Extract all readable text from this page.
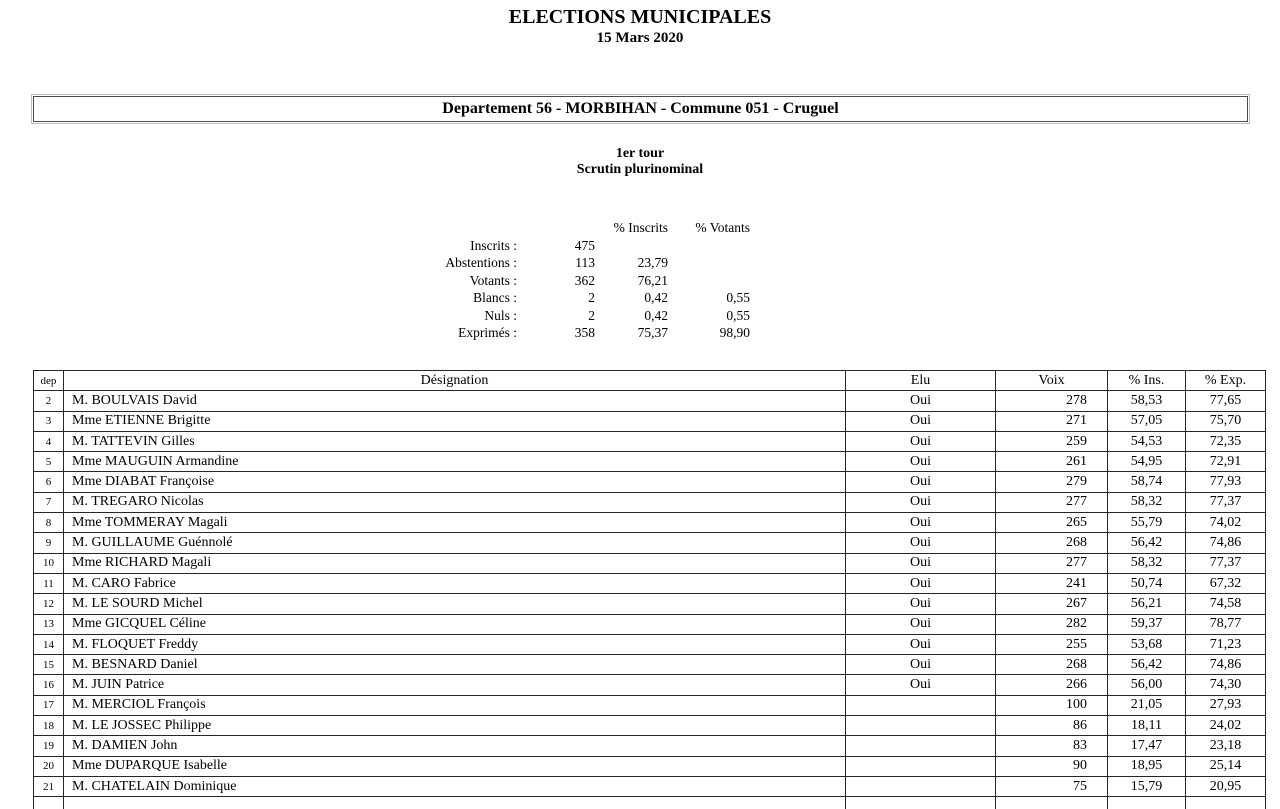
ELECTIONS MUNICIPALES
15 Mars 2020
Departement 56 - MORBIHAN - Commune 051 - Cruguel
1er tour
Scrutin plurinominal
% Inscrits	% Votants
Inscrits :	475
Abstentions :	113	23,79
Votants :	362	76,21
Blancs :	2	0,42	0,55
Nuls :	2	0,42	0,55
Exprimés :	358	75,37	98,90
dep	Désignation	Elu	Voix	% Ins.	% Exp.
2	M. BOULVAIS David	Oui	278	58,53	77,65
3	Mme ETIENNE Brigitte	Oui	271	57,05	75,70
4	M. TATTEVIN Gilles	Oui	259	54,53	72,35
5	Mme MAUGUIN Armandine	Oui	261	54,95	72,91
6	Mme DIABAT Françoise	Oui	279	58,74	77,93
7	M. TREGARO Nicolas	Oui	277	58,32	77,37
8	Mme TOMMERAY Magali	Oui	265	55,79	74,02
9	M. GUILLAUME Guénnolé	Oui	268	56,42	74,86
10	Mme RICHARD Magali	Oui	277	58,32	77,37
11	M. CARO Fabrice	Oui	241	50,74	67,32
12	M. LE SOURD Michel	Oui	267	56,21	74,58
13	Mme GICQUEL Céline	Oui	282	59,37	78,77
14	M. FLOQUET Freddy	Oui	255	53,68	71,23
15	M. BESNARD Daniel	Oui	268	56,42	74,86
16	M. JUIN Patrice	Oui	266	56,00	74,30
17	M. MERCIOL François		100	21,05	27,93
18	M. LE JOSSEC Philippe		86	18,11	24,02
19	M. DAMIEN John		83	17,47	23,18
20	Mme DUPARQUE Isabelle		90	18,95	25,14
21	M. CHATELAIN Dominique		75	15,79	20,95
